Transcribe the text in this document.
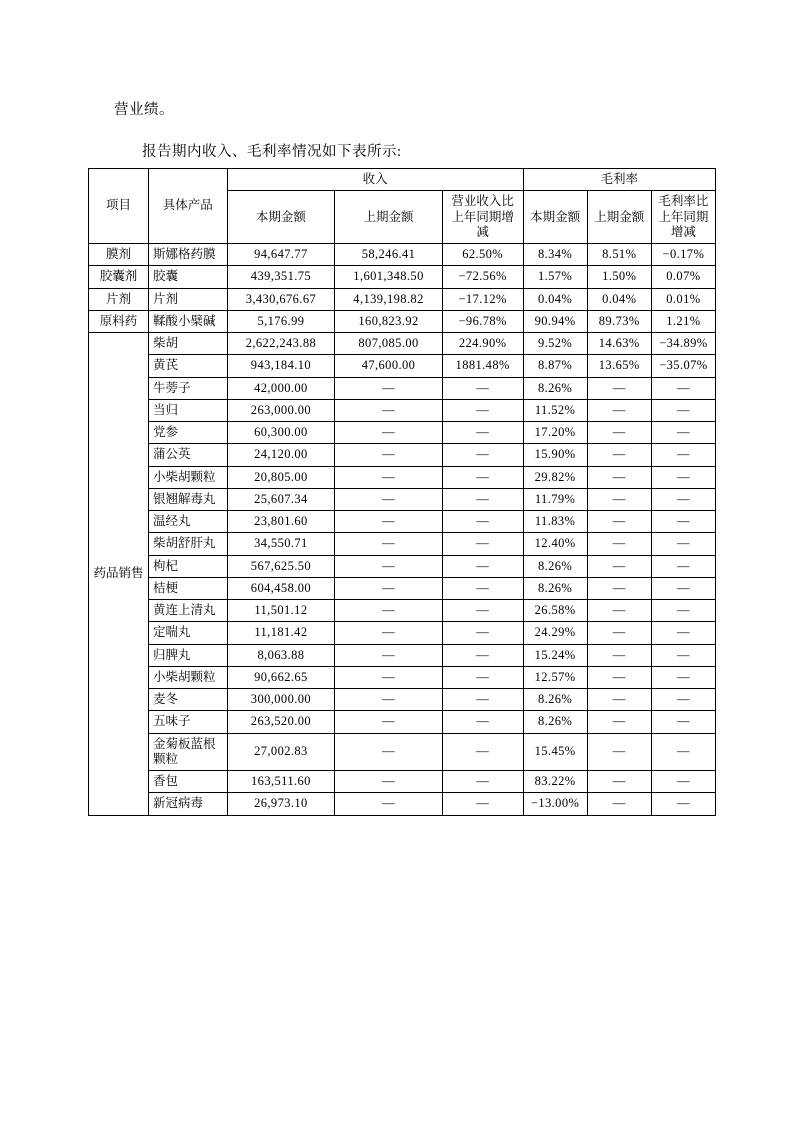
营业绩。
报告期内收入、毛利率情况如下表所示:
项目	具体产品	收入			毛利率		
		本期金额	上期金额	营业收入比上年同期增减	本期金额	上期金额	毛利率比上年同期增减
膜剂	斯娜格药膜	94,647.77	58,246.41	62.50%	8.34%	8.51%	−0.17%
胶囊剂	胶囊	439,351.75	1,601,348.50	−72.56%	1.57%	1.50%	0.07%
片剂	片剂	3,430,676.67	4,139,198.82	−17.12%	0.04%	0.04%	0.01%
原料药	鞣酸小檗碱	5,176.99	160,823.92	−96.78%	90.94%	89.73%	1.21%
药品销售	柴胡	2,622,243.88	807,085.00	224.90%	9.52%	14.63%	−34.89%
	黄芪	943,184.10	47,600.00	1881.48%	8.87%	13.65%	−35.07%
	牛蒡子	42,000.00	—	—	8.26%	—	—
	当归	263,000.00	—	—	11.52%	—	—
	党参	60,300.00	—	—	17.20%	—	—
	蒲公英	24,120.00	—	—	15.90%	—	—
	小柴胡颗粒	20,805.00	—	—	29.82%	—	—
	银翘解毒丸	25,607.34	—	—	11.79%	—	—
	温经丸	23,801.60	—	—	11.83%	—	—
	柴胡舒肝丸	34,550.71	—	—	12.40%	—	—
	枸杞	567,625.50	—	—	8.26%	—	—
	桔梗	604,458.00	—	—	8.26%	—	—
	黄连上清丸	11,501.12	—	—	26.58%	—	—
	定喘丸	11,181.42	—	—	24.29%	—	—
	归脾丸	8,063.88	—	—	15.24%	—	—
	小柴胡颗粒	90,662.65	—	—	12.57%	—	—
	麦冬	300,000.00	—	—	8.26%	—	—
	五味子	263,520.00	—	—	8.26%	—	—
	金菊板蓝根颗粒	27,002.83	—	—	15.45%	—	—
	香包	163,511.60	—	—	83.22%	—	—
	新冠病毒	26,973.10	—	—	−13.00%	—	—
